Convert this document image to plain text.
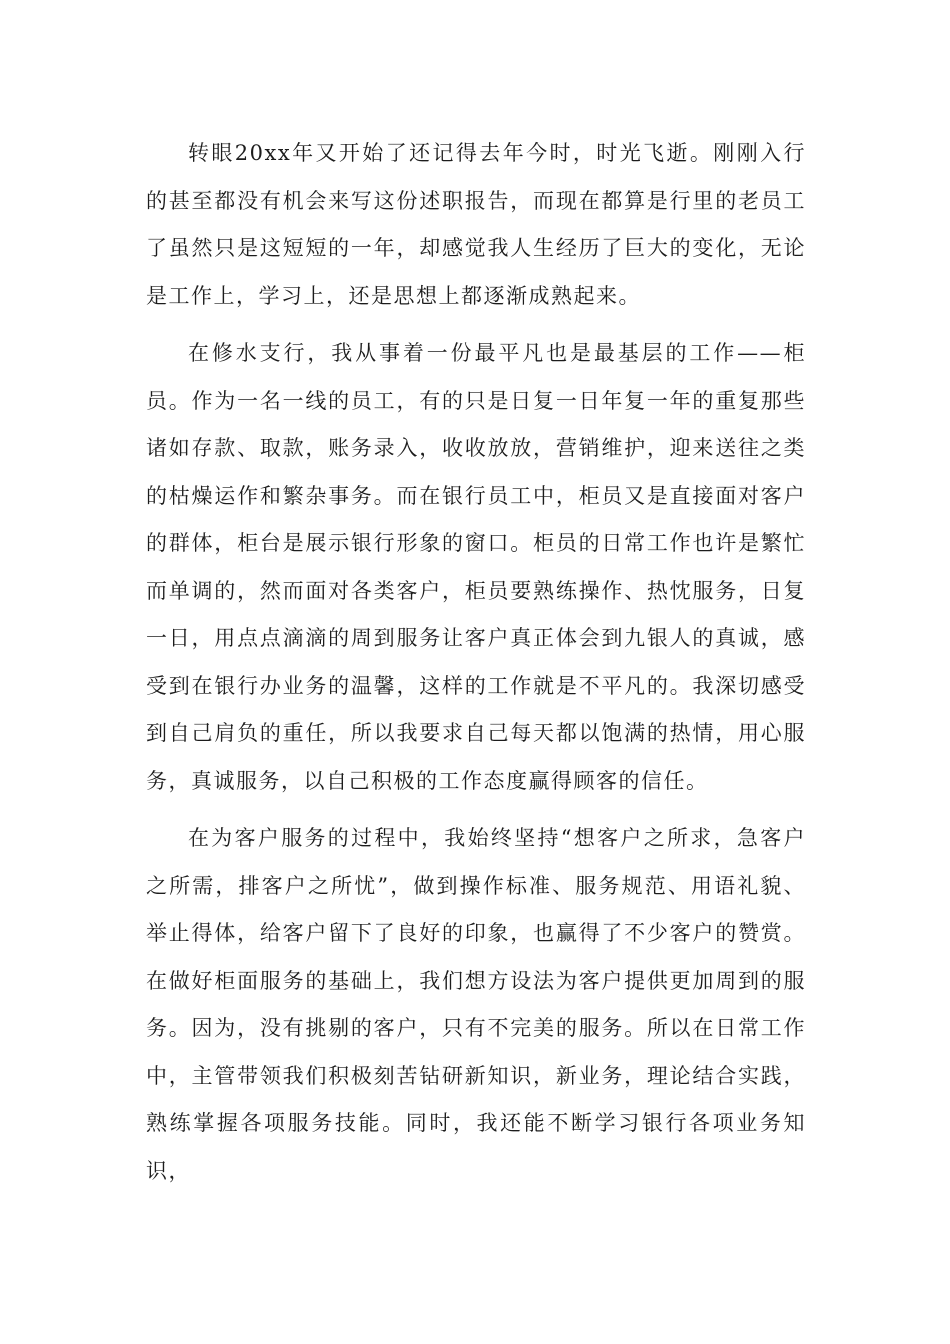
转眼20xx年又开始了还记得去年今时，时光飞逝。刚刚入行的甚至都没有机会来写这份述职报告，而现在都算是行里的老员工了虽然只是这短短的一年，却感觉我人生经历了巨大的变化，无论是工作上，学习上，还是思想上都逐渐成熟起来。

在修水支行，我从事着一份最平凡也是最基层的工作——柜员。作为一名一线的员工，有的只是日复一日年复一年的重复那些诸如存款、取款，账务录入，收收放放，营销维护，迎来送往之类的枯燥运作和繁杂事务。而在银行员工中，柜员又是直接面对客户的群体，柜台是展示银行形象的窗口。柜员的日常工作也许是繁忙而单调的，然而面对各类客户，柜员要熟练操作、热忱服务，日复一日，用点点滴滴的周到服务让客户真正体会到九银人的真诚，感受到在银行办业务的温馨，这样的工作就是不平凡的。我深切感受到自己肩负的重任，所以我要求自己每天都以饱满的热情，用心服务，真诚服务，以自己积极的工作态度赢得顾客的信任。

在为客户服务的过程中，我始终坚持“想客户之所求，急客户之所需，排客户之所忧”，做到操作标准、服务规范、用语礼貌、举止得体，给客户留下了良好的印象，也赢得了不少客户的赞赏。在做好柜面服务的基础上，我们想方设法为客户提供更加周到的服务。因为，没有挑剔的客户，只有不完美的服务。所以在日常工作中，主管带领我们积极刻苦钻研新知识，新业务，理论结合实践，熟练掌握各项服务技能。同时，我还能不断学习银行各项业务知识，
